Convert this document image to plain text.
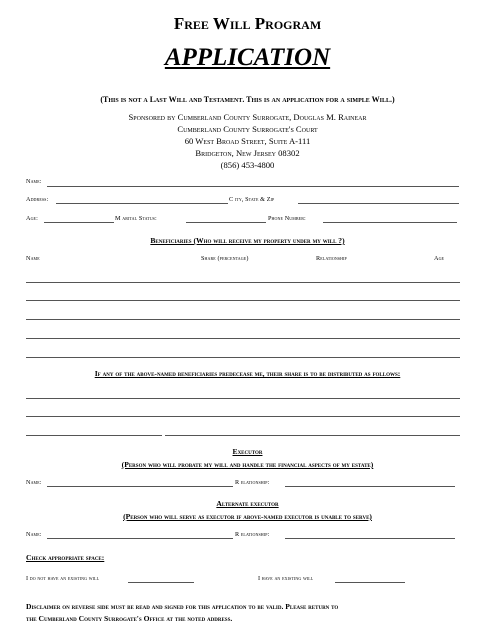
Free Will Program
APPLICATION
(This is not a Last Will and Testament. This is an application for a simple Will.)
Sponsored by Cumberland County Surrogate, Douglas M. Rainear
Cumberland County Surrogate's Court
60 West Broad Street, Suite A-111
Bridgeton, New Jersey 08302
(856) 453-4800
Name:
Address:	C ity, State & Zip
Age:	M arital Status:	Phone Number:
Beneficiaries (Who will receive my property under my will ?)
Name	Share (percentage)	Relationship	Age
If any of the above-named beneficiaries predecease me, their share is to be distributed as follows:
Executor
(Person who will probate my will and handle the financial aspects of my estate)
Name:	R elationship:
Alternate executor
(Person who will serve as executor if above-named executor is unable to serve)
Name:	R elationship:
Check appropriate space:
I do not have an existing will	I have an existing will
Disclaimer on reverse side must be read and signed for this application to be valid. Please return to
the Cumberland County Surrogate's Office at the noted address.
